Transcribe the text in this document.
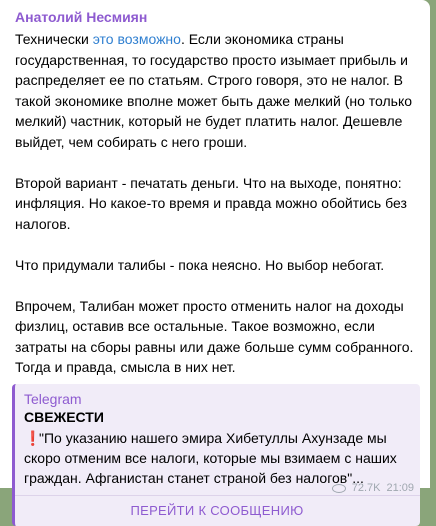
Анатолий Несмиян

Технически это возможно. Если экономика страны государственная, то государство просто изымает прибыль и распределяет ее по статьям. Строго говоря, это не налог. В такой экономике вполне может быть даже мелкий (но только мелкий) частник, который не будет платить налог. Дешевле выйдет, чем собирать с него гроши.

Второй вариант - печатать деньги. Что на выходе, понятно: инфляция. Но какое-то время и правда можно обойтись без налогов.

Что придумали талибы - пока неясно. Но выбор небогат.

Впрочем, Талибан может просто отменить налог на доходы физлиц, оставив все остальные. Такое возможно, если затраты на сборы равны или даже больше сумм собранного. Тогда и правда, смысла в них нет.

Telegram
СВЕЖЕСТИ
❗"По указанию нашего эмира Хибетуллы Ахунзаде мы скоро отменим все налоги, которые мы взимаем с наших граждан. Афганистан станет страной без налогов"...
ПЕРЕЙТИ К СООБЩЕНИЮ
72.7K 21:09
